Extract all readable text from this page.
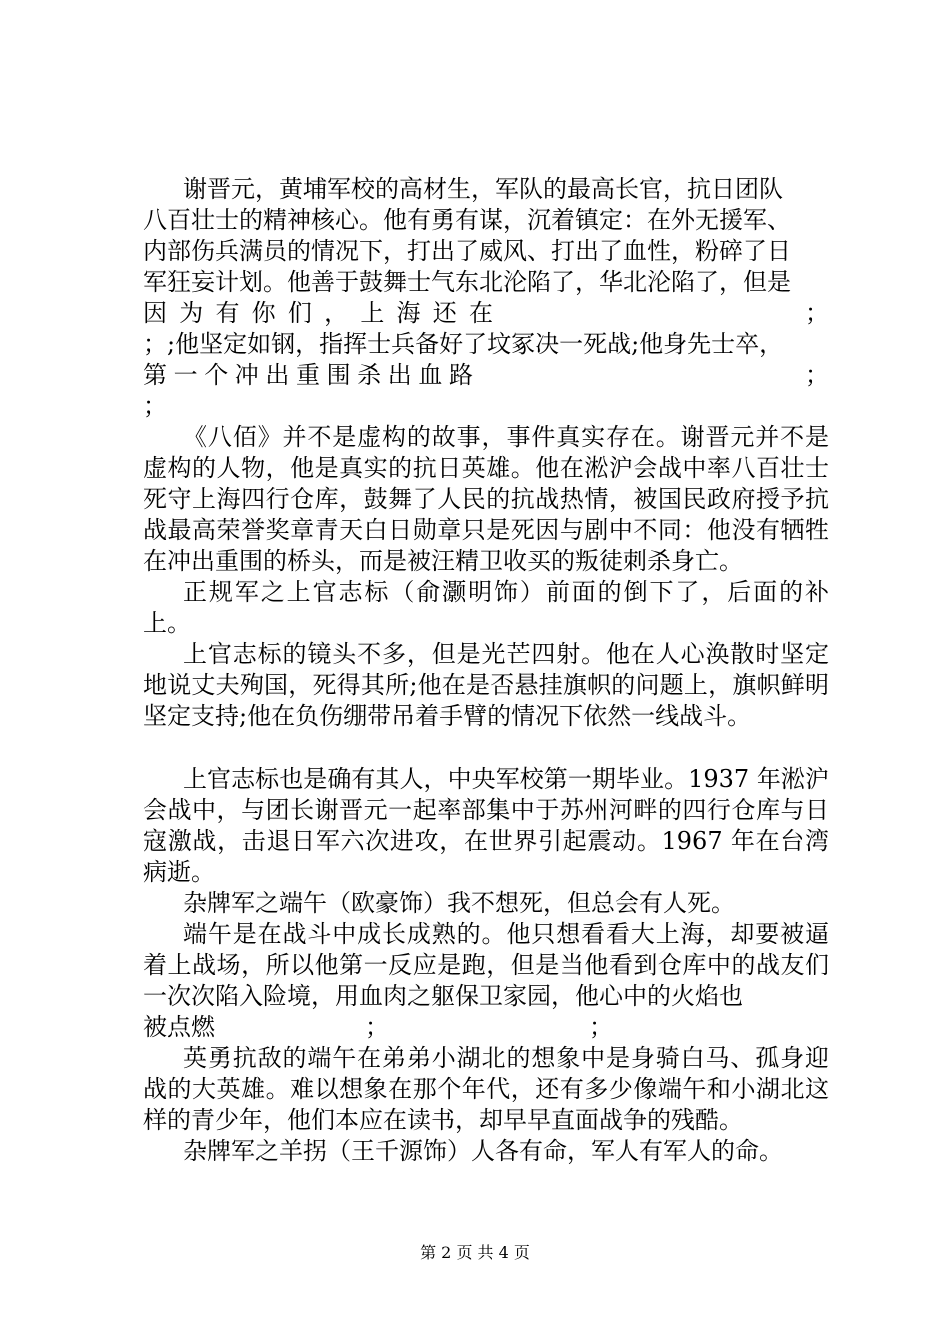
谢晋元，黄埔军校的高材生，军队的最高长官，抗日团队

八百壮士的精神核心。他有勇有谋，沉着镇定：在外无援军、

内部伤兵满员的情况下，打出了威风、打出了血性，粉碎了日

军狂妄计划。他善于鼓舞士气东北沦陷了，华北沦陷了，但是

因 为 有 你 们 ， 上 海 还 在	；

；;他坚定如钢，指挥士兵备好了坟冢决一死战;他身先士卒，

第 一 个 冲 出 重 围 杀 出 血 路	；

；

《八佰》并不是虚构的故事，事件真实存在。谢晋元并不是虚构的人物，他是真实的抗日英雄。他在淞沪会战中率八百壮士死守上海四行仓库，鼓舞了人民的抗战热情，被国民政府授予抗战最高荣誉奖章青天白日勋章只是死因与剧中不同：他没有牺牲在冲出重围的桥头，而是被汪精卫收买的叛徒刺杀身亡。

正规军之上官志标（俞灏明饰）前面的倒下了，后面的补上。

上官志标的镜头不多，但是光芒四射。他在人心涣散时坚定地说丈夫殉国，死得其所;他在是否悬挂旗帜的问题上，旗帜鲜明坚定支持;他在负伤绷带吊着手臂的情况下依然一线战斗。

上官志标也是确有其人，中央军校第一期毕业。1937 年淞沪会战中，与团长谢晋元一起率部集中于苏州河畔的四行仓库与日寇激战，击退日军六次进攻，在世界引起震动。1967 年在台湾病逝。

杂牌军之端午（欧豪饰）我不想死，但总会有人死。

端午是在战斗中成长成熟的。他只想看看大上海，却要被逼着上战场，所以他第一反应是跑，但是当他看到仓库中的战友们一次次陷入险境，用血肉之躯保卫家园，他心中的火焰也

被点燃	；	；

英勇抗敌的端午在弟弟小湖北的想象中是身骑白马、孤身迎战的大英雄。难以想象在那个年代，还有多少像端午和小湖北这样的青少年，他们本应在读书，却早早直面战争的残酷。

杂牌军之羊拐（王千源饰）人各有命，军人有军人的命。

第 2 页 共 4 页
